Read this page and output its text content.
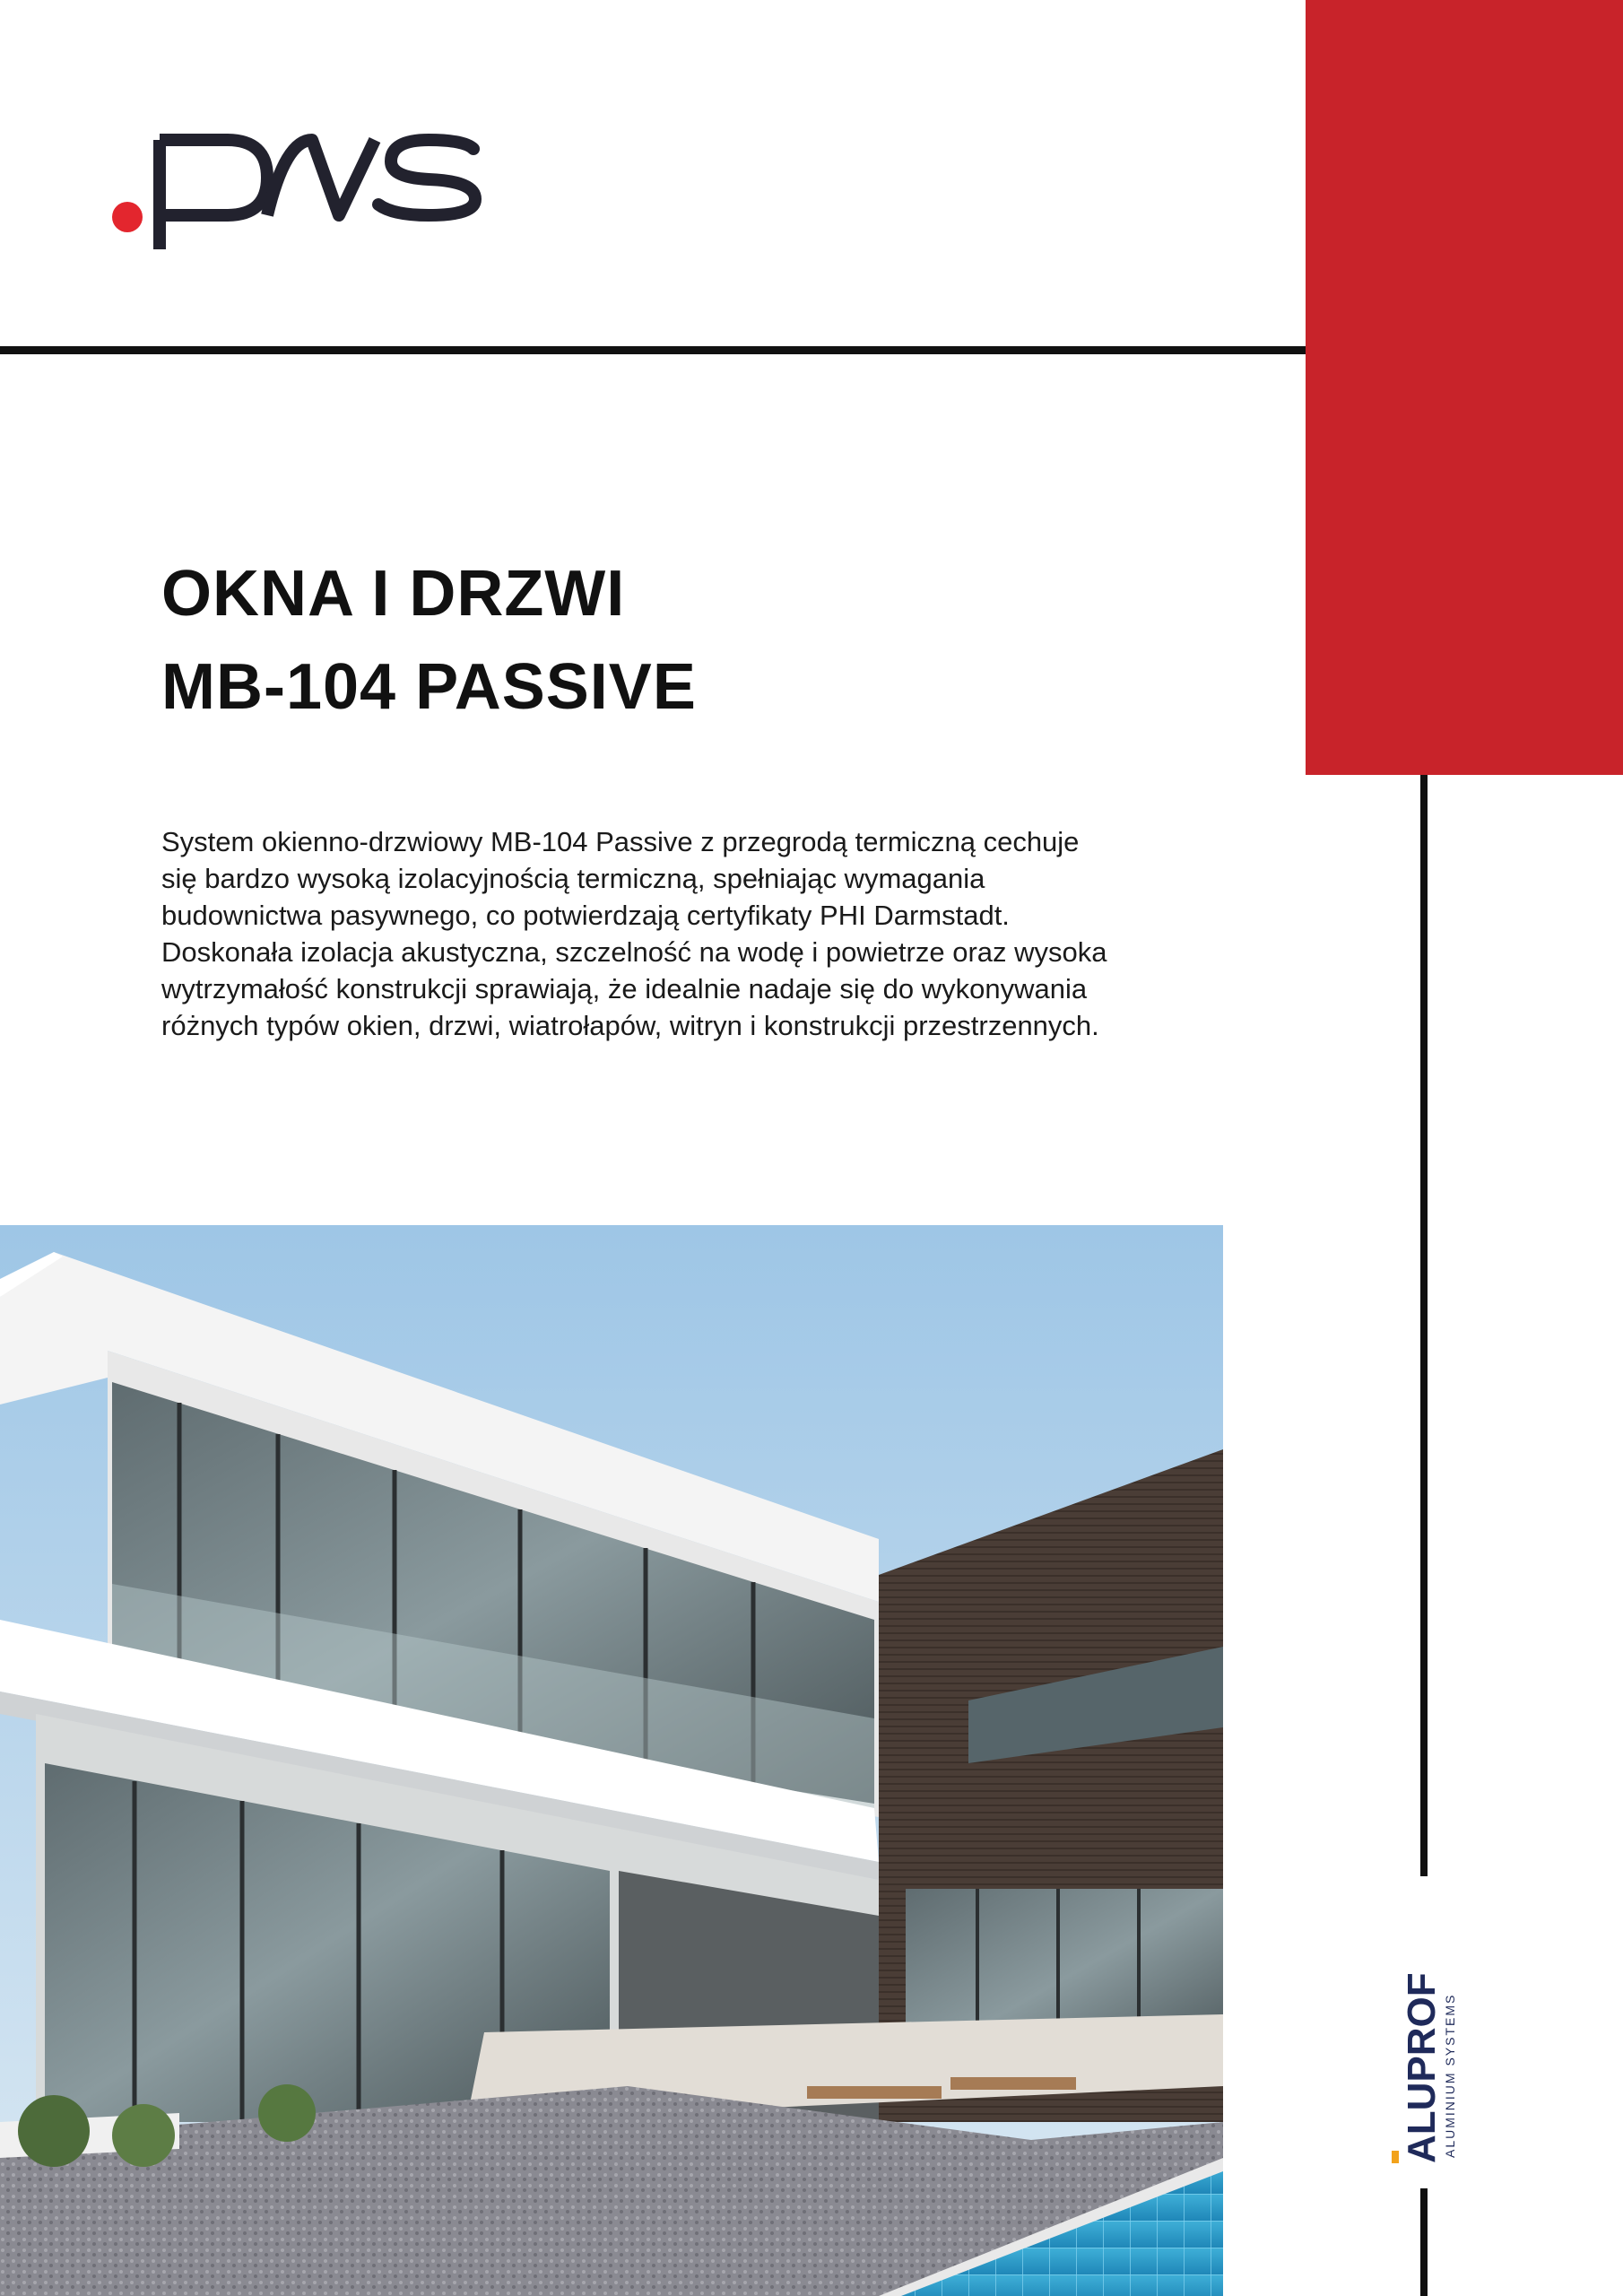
OKNA I DRZWI
MB-104 PASSIVE

System okienno-drzwiowy MB-104 Passive z przegrodą termiczną cechuje się bardzo wysoką izolacyjnością termiczną, spełniając wymagania budownictwa pasywnego, co potwierdzają certyfikaty PHI Darmstadt. Doskonała izolacja akustyczna, szczelność na wodę i powietrze oraz wysoka wytrzymałość konstrukcji sprawiają, że idealnie nadaje się do wykonywania różnych typów okien, drzwi, wiatrołapów, witryn i konstrukcji przestrzennych.

ALUPROF ALUMINIUM SYSTEMS
